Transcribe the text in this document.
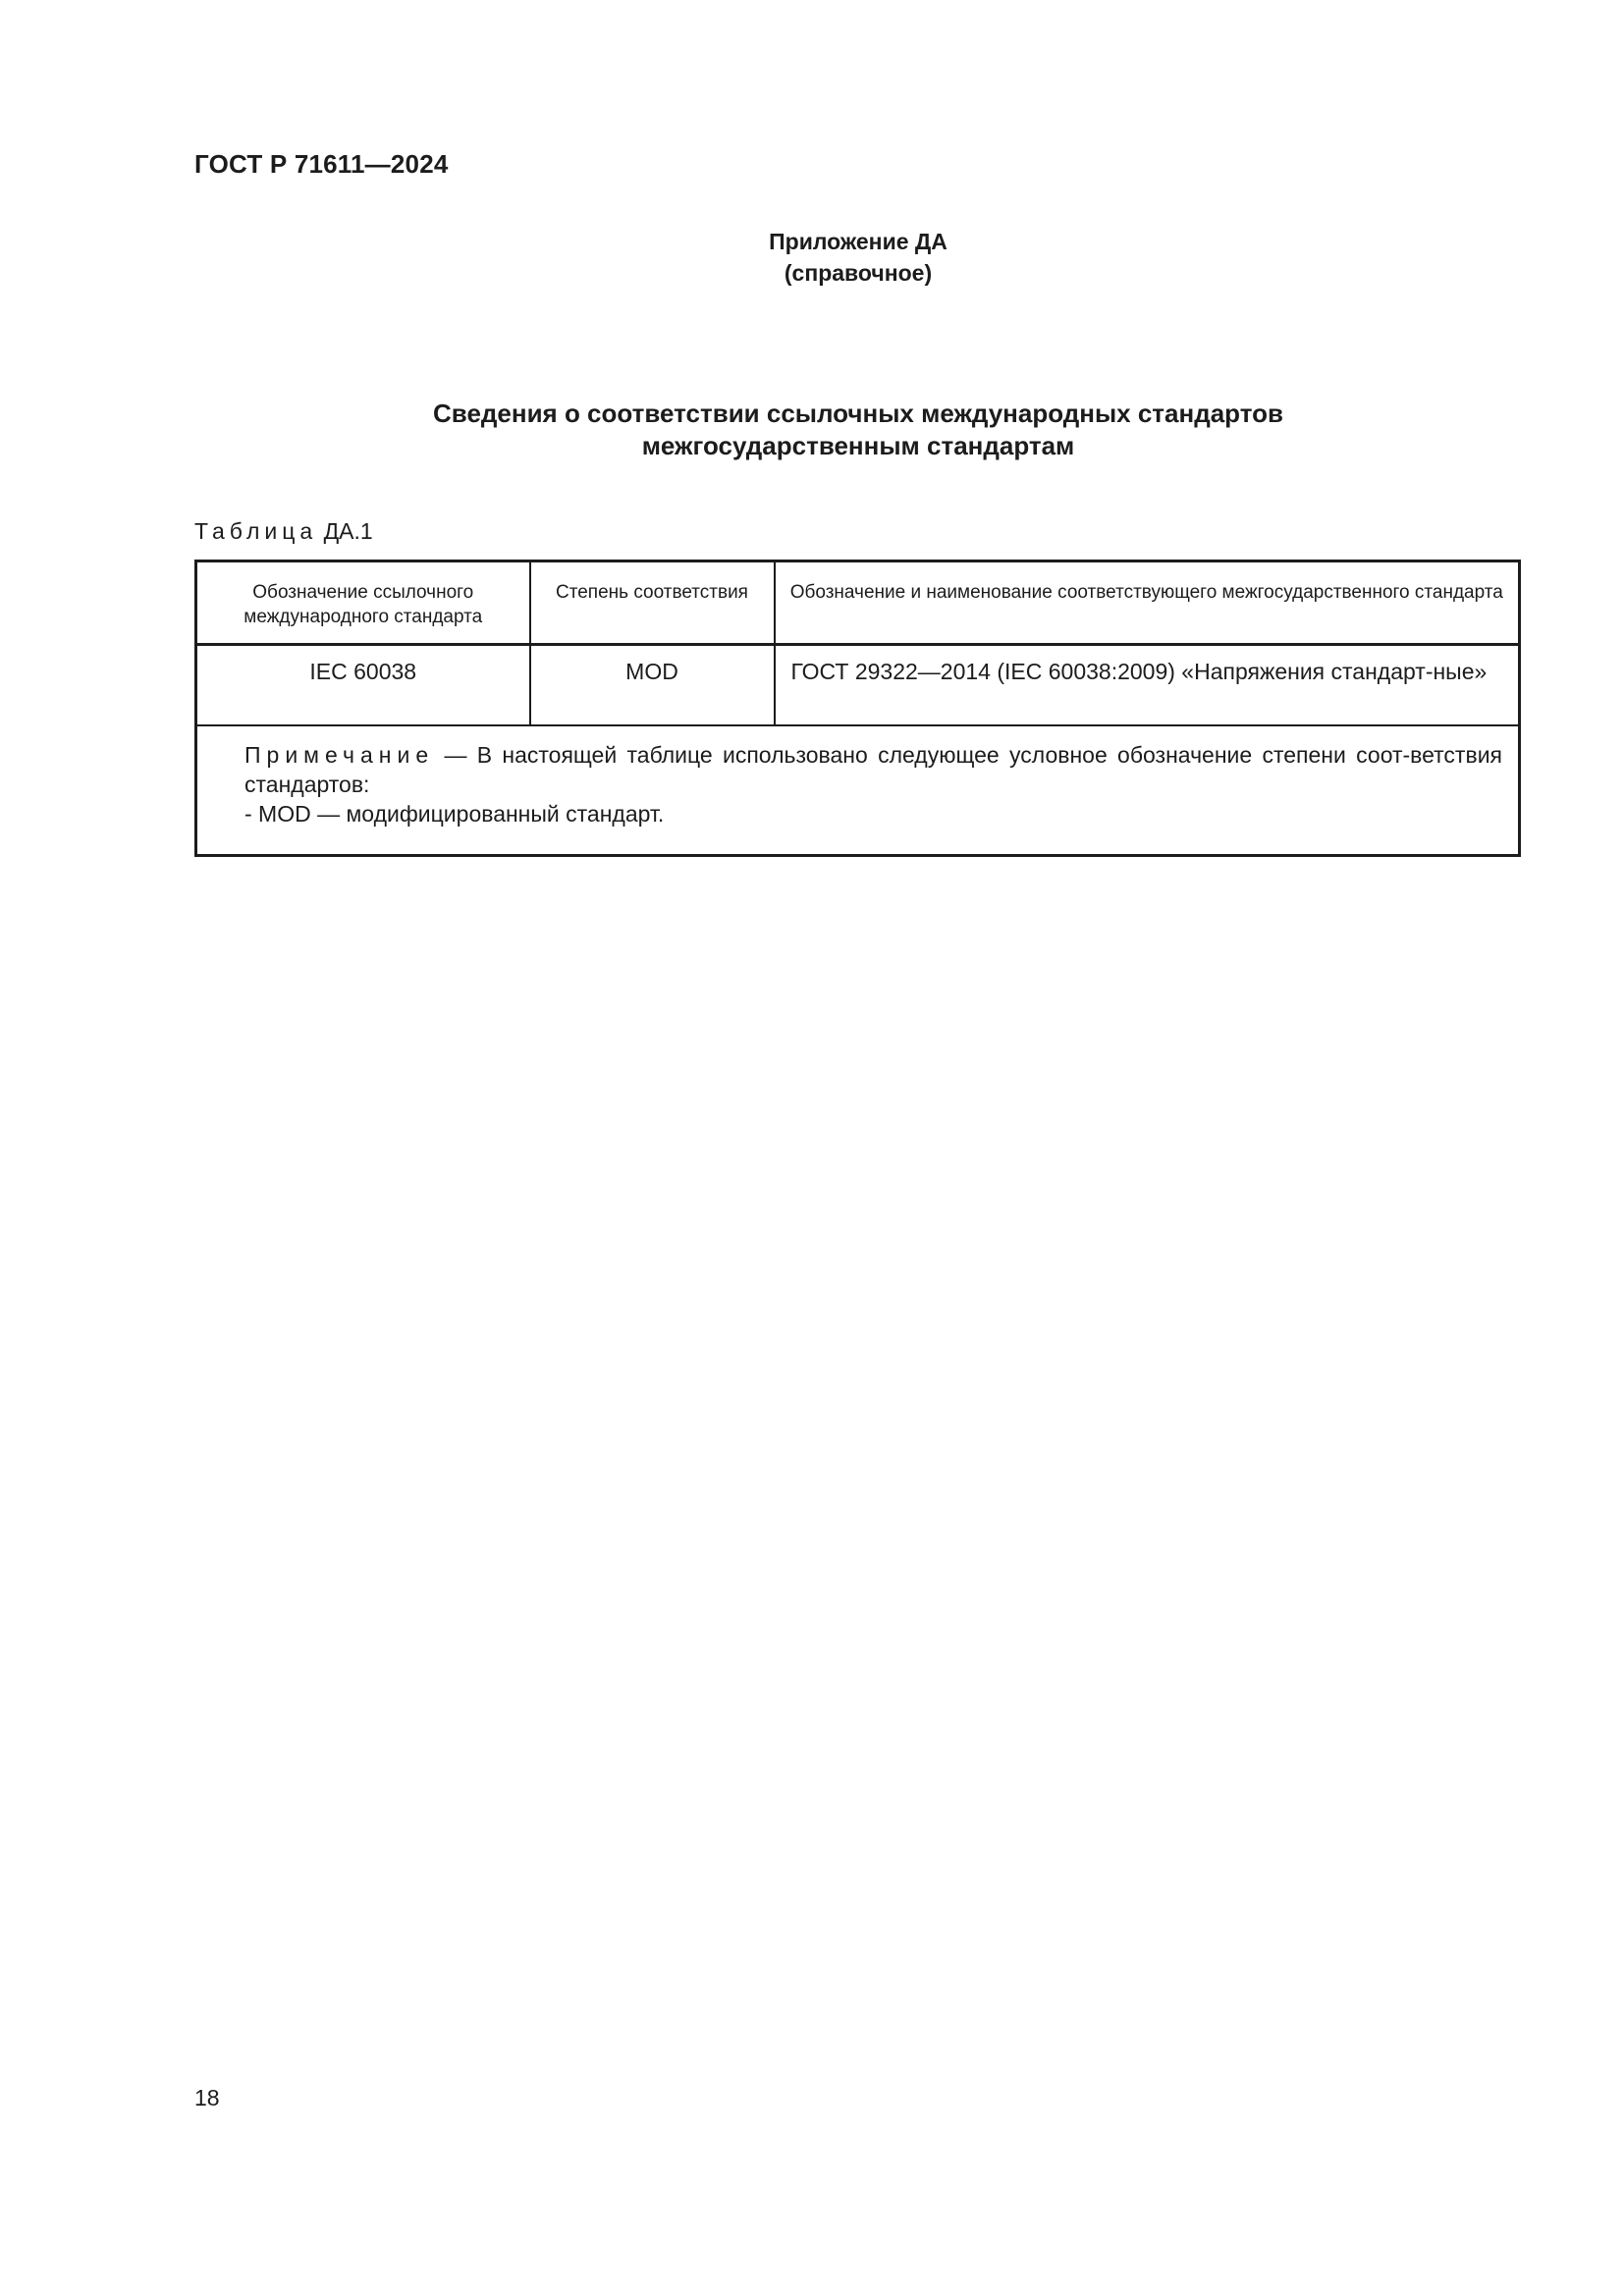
ГОСТ Р 71611—2024
Приложение ДА
(справочное)
Сведения о соответствии ссылочных международных стандартов
межгосударственным стандартам
Таблица ДА.1
Обозначение ссылочного международного стандарта	Степень соответствия	Обозначение и наименование соответствующего межгосударственного стандарта
IEC 60038	MOD	ГОСТ 29322—2014 (IEC 60038:2009) «Напряжения стандарт-ные»
Примечание — В настоящей таблице использовано следующее условное обозначение степени соот-ветствия стандартов:
- MOD — модифицированный стандарт.		
18
